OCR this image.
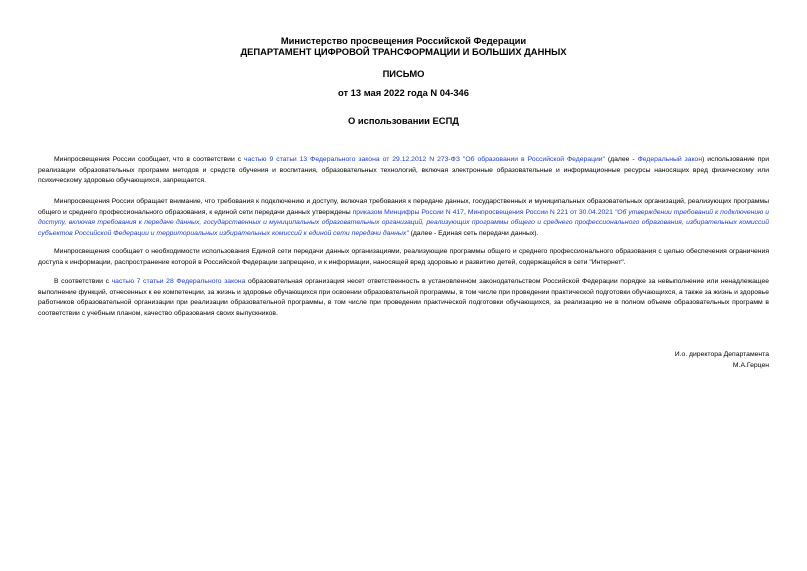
Министерство просвещения Российской Федерации
ДЕПАРТАМЕНТ ЦИФРОВОЙ ТРАНСФОРМАЦИИ И БОЛЬШИХ ДАННЫХ
ПИСЬМО
от 13 мая 2022 года N 04-346
О использовании ЕСПД

Минпросвещения России сообщает, что в соответствии с частью 9 статьи 13 Федерального закона от 29.12.2012 N 273-ФЗ "Об образовании в Российской Федерации" (далее - Федеральный закон) использование при реализации образовательных программ методов и средств обучения и воспитания, образовательных технологий, включая электронные образовательные и информационные ресурсы наносящих вред физическому или психическому здоровью обучающихся, запрещается.

Минпросвещения России обращает внимание, что требования к подключению и доступу, включая требования к передаче данных, государственных и муниципальных образовательных организаций, реализующих программы общего и среднего профессионального образования, к единой сети передачи данных утверждены приказом Минцифры России N 417, Минпросвещения России N 221 от 30.04.2021 "Об утверждении требований к подключению и доступу, включая требования к передаче данных, государственных и муниципальных образовательных организаций, реализующих программы общего и среднего профессионального образования, избирательных комиссий субъектов Российской Федерации и территориальных избирательных комиссий к единой сети передачи данных" (далее - Единая сеть передачи данных).

Минпросвещения сообщает о необходимости использования Единой сети передачи данных организациями, реализующие программы общего и среднего профессионального образования с целью обеспечения ограничения доступа к информации, распространение которой в Российской Федерации запрещено, и к информации, наносящей вред здоровью и развитию детей, содержащейся в сети "Интернет".

В соответствии с частью 7 статьи 28 Федерального закона образовательная организация несет ответственность в установленном законодательством Российской Федерации порядке за невыполнение или ненадлежащее выполнение функций, отнесенных к ее компетенции, за жизнь и здоровье обучающихся при освоении образовательной программы, в том числе при проведении практической подготовки обучающихся, а также за жизнь и здоровье работников образовательной организации при реализации образовательной программы, в том числе при проведении практической подготовки обучающихся, за реализацию не в полном объеме образовательных программ в соответствии с учебным планом, качество образования своих выпускников.

И.о. директора Департамента
М.А.Герцен
